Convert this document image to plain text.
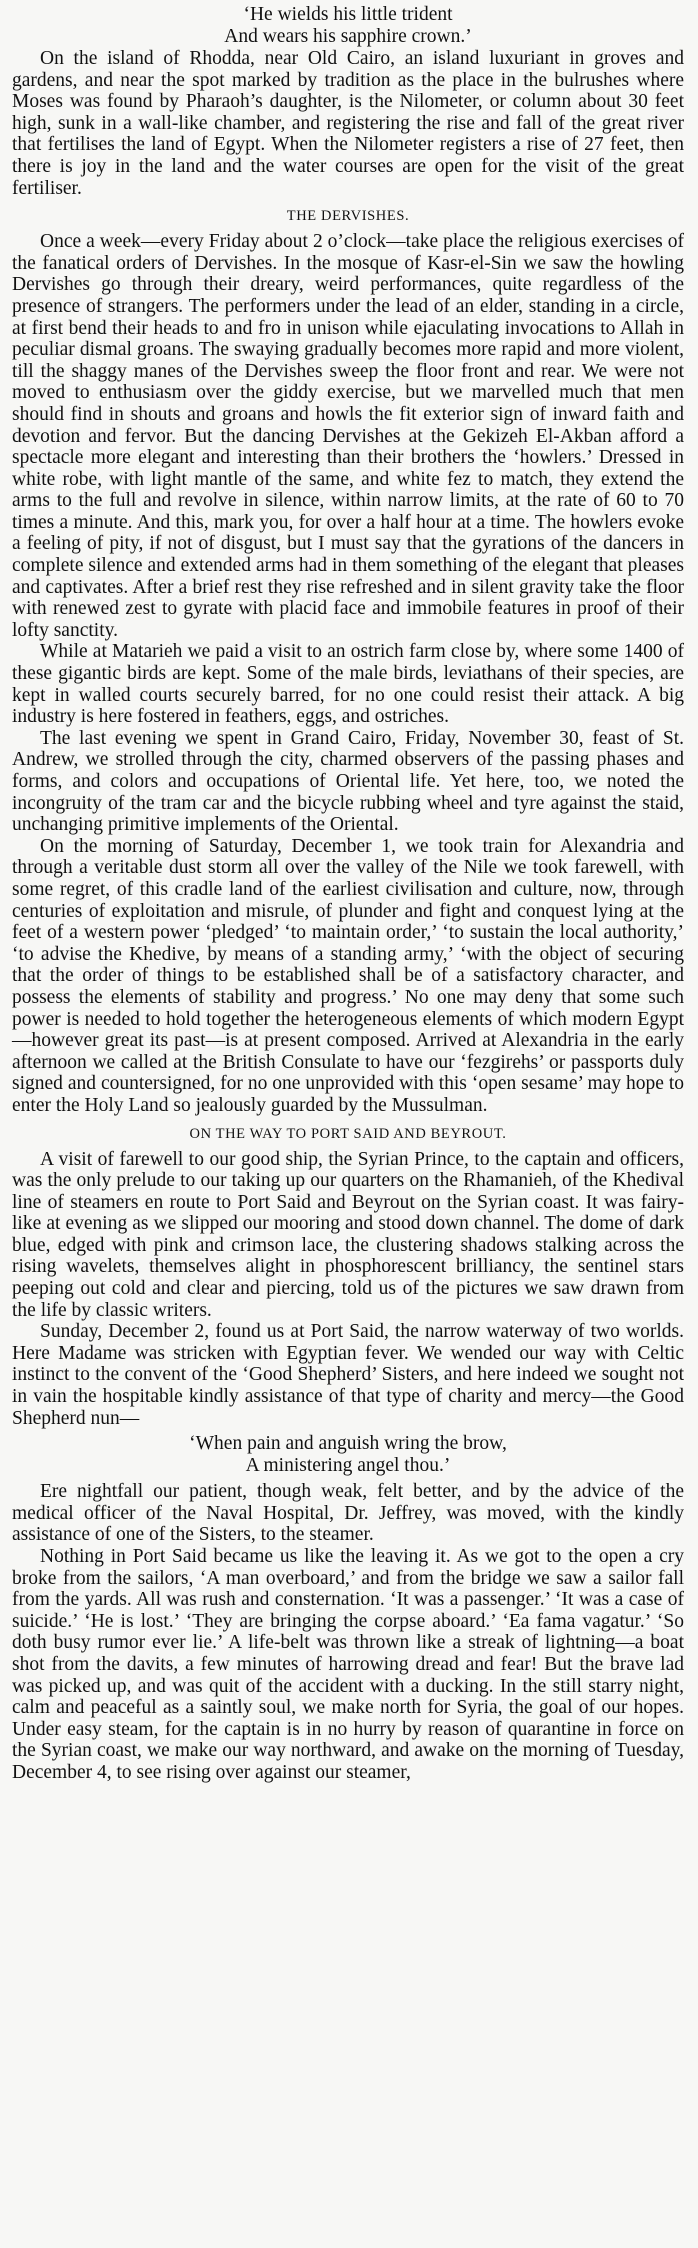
‘He wields his little trident
And wears his sapphire crown.’

On the island of Rhodda, near Old Cairo, an island luxuriant in groves and gardens, and near the spot marked by tradition as the place in the bulrushes where Moses was found by Pharaoh’s daughter, is the Nilometer, or column about 30 feet high, sunk in a wall-like chamber, and registering the rise and fall of the great river that fertilises the land of Egypt. When the Nilometer registers a rise of 27 feet, then there is joy in the land and the water courses are open for the visit of the great fertiliser.

THE DERVISHES.

Once a week—every Friday about 2 o’clock—take place the religious exercises of the fanatical orders of Dervishes. In the mosque of Kasr-el-Sin we saw the howling Dervishes go through their dreary, weird performances, quite regardless of the presence of strangers. The performers under the lead of an elder, standing in a circle, at first bend their heads to and fro in unison while ejaculating invocations to Allah in peculiar dismal groans. The swaying gradually becomes more rapid and more violent, till the shaggy manes of the Dervishes sweep the floor front and rear. We were not moved to enthusiasm over the giddy exercise, but we marvelled much that men should find in shouts and groans and howls the fit exterior sign of inward faith and devotion and fervor. But the dancing Dervishes at the Gekizeh El-Akban afford a spectacle more elegant and interesting than their brothers the ‘howlers.’ Dressed in white robe, with light mantle of the same, and white fez to match, they extend the arms to the full and revolve in silence, within narrow limits, at the rate of 60 to 70 times a minute. And this, mark you, for over a half hour at a time. The howlers evoke a feeling of pity, if not of disgust, but I must say that the gyrations of the dancers in complete silence and extended arms had in them something of the elegant that pleases and captivates. After a brief rest they rise refreshed and in silent gravity take the floor with renewed zest to gyrate with placid face and immobile features in proof of their lofty sanctity.

While at Matarieh we paid a visit to an ostrich farm close by, where some 1400 of these gigantic birds are kept. Some of the male birds, leviathans of their species, are kept in walled courts securely barred, for no one could resist their attack. A big industry is here fostered in feathers, eggs, and ostriches.

The last evening we spent in Grand Cairo, Friday, November 30, feast of St. Andrew, we strolled through the city, charmed observers of the passing phases and forms, and colors and occupations of Oriental life. Yet here, too, we noted the incongruity of the tram car and the bicycle rubbing wheel and tyre against the staid, unchanging primitive implements of the Oriental.

On the morning of Saturday, December 1, we took train for Alexandria and through a veritable dust storm all over the valley of the Nile we took farewell, with some regret, of this cradle land of the earliest civilisation and culture, now, through centuries of exploitation and misrule, of plunder and fight and conquest lying at the feet of a western power ‘pledged’ ‘to maintain order,’ ‘to sustain the local authority,’ ‘to advise the Khedive, by means of a standing army,’ ‘with the object of securing that the order of things to be established shall be of a satisfactory character, and possess the elements of stability and progress.’ No one may deny that some such power is needed to hold together the heterogeneous elements of which modern Egypt—however great its past—is at present composed. Arrived at Alexandria in the early afternoon we called at the British Consulate to have our ‘fezgirehs’ or passports duly signed and countersigned, for no one unprovided with this ‘open sesame’ may hope to enter the Holy Land so jealously guarded by the Mussulman.

ON THE WAY TO PORT SAID AND BEYROUT.

A visit of farewell to our good ship, the Syrian Prince, to the captain and officers, was the only prelude to our taking up our quarters on the Rhamanieh, of the Khedival line of steamers en route to Port Said and Beyrout on the Syrian coast. It was fairy-like at evening as we slipped our mooring and stood down channel. The dome of dark blue, edged with pink and crimson lace, the clustering shadows stalking across the rising wavelets, themselves alight in phosphorescent brilliancy, the sentinel stars peeping out cold and clear and piercing, told us of the pictures we saw drawn from the life by classic writers.

Sunday, December 2, found us at Port Said, the narrow waterway of two worlds. Here Madame was stricken with Egyptian fever. We wended our way with Celtic instinct to the convent of the ‘Good Shepherd’ Sisters, and here indeed we sought not in vain the hospitable kindly assistance of that type of charity and mercy—the Good Shepherd nun—

‘When pain and anguish wring the brow,
A ministering angel thou.’

Ere nightfall our patient, though weak, felt better, and by the advice of the medical officer of the Naval Hospital, Dr. Jeffrey, was moved, with the kindly assistance of one of the Sisters, to the steamer.

Nothing in Port Said became us like the leaving it. As we got to the open a cry broke from the sailors, ‘A man overboard,’ and from the bridge we saw a sailor fall from the yards. All was rush and consternation. ‘It was a passenger.’ ‘It was a case of suicide.’ ‘He is lost.’ ‘They are bringing the corpse aboard.’ ‘Ea fama vagatur.’ ‘So doth busy rumor ever lie.’ A life-belt was thrown like a streak of lightning—a boat shot from the davits, a few minutes of harrowing dread and fear! But the brave lad was picked up, and was quit of the accident with a ducking. In the still starry night, calm and peaceful as a saintly soul, we make north for Syria, the goal of our hopes. Under easy steam, for the captain is in no hurry by reason of quarantine in force on the Syrian coast, we make our way northward, and awake on the morning of Tuesday, December 4, to see rising over against our steamer,
